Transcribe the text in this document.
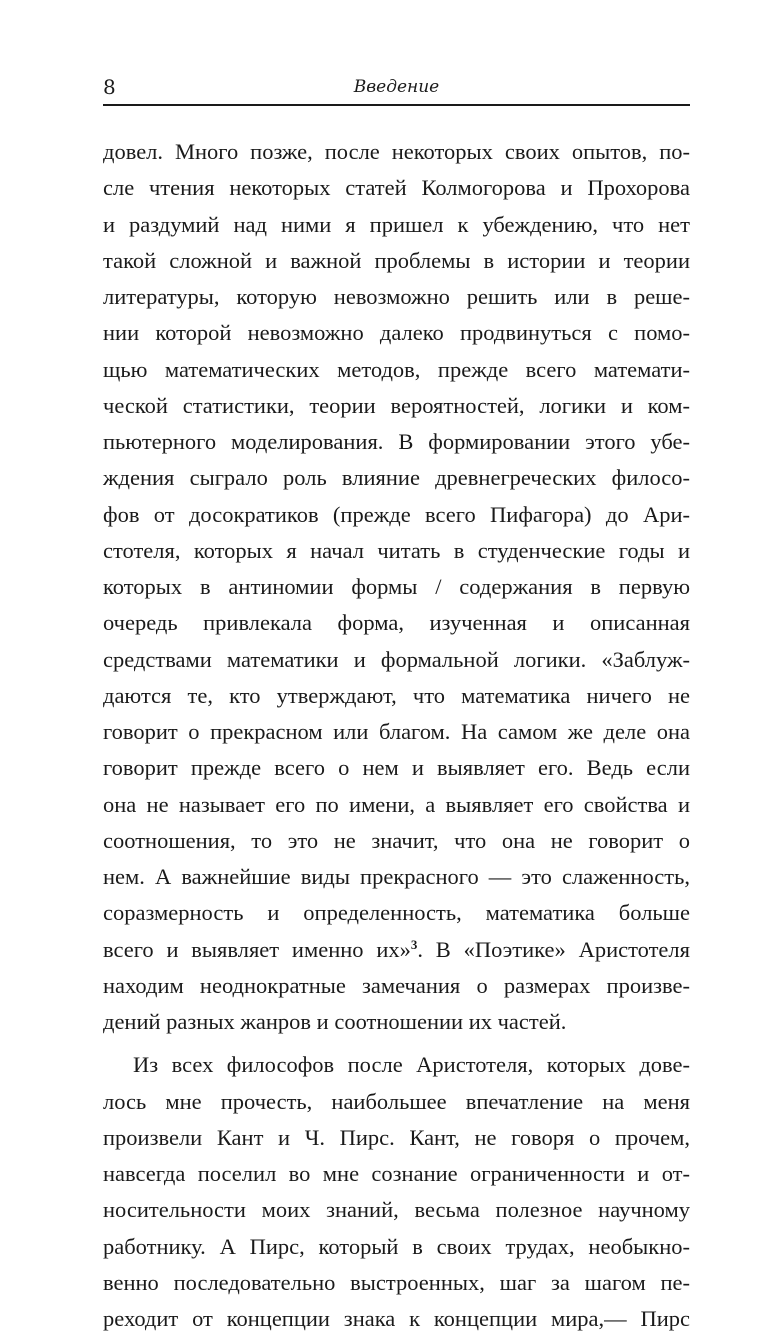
8	Введение
довел. Много позже, после некоторых своих опытов, по-
сле чтения некоторых статей Колмогорова и Прохорова
и раздумий над ними я пришел к убеждению, что нет
такой сложной и важной проблемы в истории и теории
литературы, которую невозможно решить или в реше-
нии которой невозможно далеко продвинуться с помо-
щью математических методов, прежде всего математи-
ческой статистики, теории вероятностей, логики и ком-
пьютерного моделирования. В формировании этого убе-
ждения сыграло роль влияние древнегреческих филосо-
фов от досократиков (прежде всего Пифагора) до Ари-
стотеля, которых я начал читать в студенческие годы и
которых в антиномии формы / содержания в первую
очередь привлекала форма, изученная и описанная
средствами математики и формальной логики. «Заблуж-
даются те, кто утверждают, что математика ничего не
говорит о прекрасном или благом. На самом же деле она
говорит прежде всего о нем и выявляет его. Ведь если
она не называет его по имени, а выявляет его свойства и
соотношения, то это не значит, что она не говорит о
нем. А важнейшие виды прекрасного — это слаженность,
соразмерность и определенность, математика больше
всего и выявляет именно их»$^3$. В «Поэтике» Аристотеля
находим неоднократные замечания о размерах произве-
дений разных жанров и соотношении их частей.
Из всех философов после Аристотеля, которых дове-
лось мне прочесть, наибольшее впечатление на меня
произвели Кант и Ч. Пирс. Кант, не говоря о прочем,
навсегда поселил во мне сознание ограниченности и от-
носительности моих знаний, весьма полезное научному
работнику. А Пирс, который в своих трудах, необыкно-
венно последовательно выстроенных, шаг за шагом пе-
реходит от концепции знака к концепции мира,— Пирс
